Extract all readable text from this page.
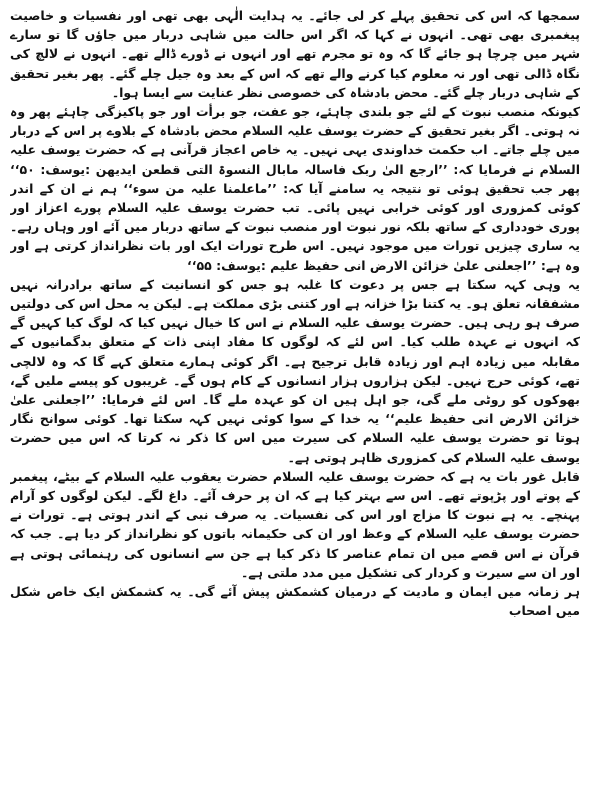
سمجھا کہ اس کی تحقیق پہلے کر لی جائے۔ یہ ہدایت الٰہی بھی تھی اور نفسیات و خاصیت پیغمبری بھی تھی۔ انہوں نے کہا کہ اگر اس حالت میں شاہی دربار میں جاؤں گا تو سارے شہر میں چرچا ہو جائے گا کہ وہ تو مجرم تھے اور انہوں نے ڈورے ڈالے تھے۔ انہوں نے لالچ کی نگاہ ڈالی تھی اور نہ معلوم کیا کرنے والے تھے کہ اس کے بعد وہ جیل چلے گئے۔ پھر بغیر تحقیق کے شاہی دربار چلے گئے۔ محض بادشاہ کی خصوصی نظر عنایت سے ایسا ہوا۔

کیونکہ منصب نبوت کے لئے جو بلندی چاہئے، جو عفت، جو برأت اور جو پاکیزگی چاہئے پھر وہ نہ ہوتی۔ اگر بغیر تحقیق کے حضرت یوسف علیہ السلام محض بادشاہ کے بلاوے پر اس کے دربار میں چلے جاتے۔ اب حکمت خداوندی یہی نہیں۔ یہ خاص اعجاز قرآنی ہے کہ حضرت یوسف علیہ السلام نے فرمایا کہ: ’’ارجع الیٰ ربک فاسالہ مابال النسوۃ التی قطعن ایدیھن :یوسف: ۵۰‘‘ پھر جب تحقیق ہوئی تو نتیجہ یہ سامنے آیا کہ: ’’ماعلمنا علیہ من سوء‘‘ ہم نے ان کے اندر کوئی کمزوری اور کوئی خرابی نہیں پائی۔ تب حضرت یوسف علیہ السلام پورے اعزاز اور پوری خودداری کے ساتھ بلکہ نور نبوت اور منصب نبوت کے ساتھ دربار میں آئے اور وہاں رہے۔ یہ ساری چیزیں تورات میں موجود نہیں۔ اس طرح تورات ایک اور بات نظرانداز کرتی ہے اور وہ ہے: ’’اجعلنی علیٰ خزائن الارض انی حفیظ علیم :یوسف: ۵۵‘‘

یہ وہی کہہ سکتا ہے جس پر دعوت کا غلبہ ہو جس کو انسانیت کے ساتھ برادرانہ نہیں مشفقانہ تعلق ہو۔ یہ کتنا بڑا خزانہ ہے اور کتنی بڑی مملکت ہے۔ لیکن یہ محل اس کی دولتیں صرف ہو رہی ہیں۔ حضرت یوسف علیہ السلام نے اس کا خیال نہیں کیا کہ لوگ کیا کہیں گے کہ انہوں نے عہدہ طلب کیا۔ اس لئے کہ لوگوں کا مفاد اپنی ذات کے متعلق بدگمانیوں کے مقابلہ میں زیادہ اہم اور زیادہ قابل ترجیح ہے۔ اگر کوئی ہمارے متعلق کہے گا کہ وہ لالچی تھے، کوئی حرج نہیں۔ لیکن ہزاروں ہزار انسانوں کے کام ہوں گے۔ غریبوں کو پیسے ملیں گے، بھوکوں کو روٹی ملے گی، جو اہل ہیں ان کو عہدہ ملے گا۔ اس لئے فرمایا: ’’اجعلنی علیٰ خزائن الارض انی حفیظ علیم‘‘ یہ خدا کے سوا کوئی نہیں کہہ سکتا تھا۔ کوئی سوانح نگار ہوتا تو حضرت یوسف علیہ السلام کی سیرت میں اس کا ذکر نہ کرتا کہ اس میں حضرت یوسف علیہ السلام کی کمزوری ظاہر ہوتی ہے۔

قابل غور بات یہ ہے کہ حضرت یوسف علیہ السلام حضرت یعقوب علیہ السلام کے بیٹے، پیغمبر کے پوتے اور پڑپوتے تھے۔ اس سے بہتر کیا ہے کہ ان پر حرف آئے۔ داغ لگے۔ لیکن لوگوں کو آرام پہنچے۔ یہ ہے نبوت کا مزاج اور اس کی نفسیات۔ یہ صرف نبی کے اندر ہوتی ہے۔ تورات نے حضرت یوسف علیہ السلام کے وعظ اور ان کی حکیمانہ باتوں کو نظرانداز کر دیا ہے۔ جب کہ قرآن نے اس قصے میں ان تمام عناصر کا ذکر کیا ہے جن سے انسانوں کی رہنمائی ہوتی ہے اور ان سے سیرت و کردار کی تشکیل میں مدد ملتی ہے۔

ہر زمانہ میں ایمان و مادیت کے درمیان کشمکش پیش آئے گی۔ یہ کشمکش ایک خاص شکل میں اصحاب
